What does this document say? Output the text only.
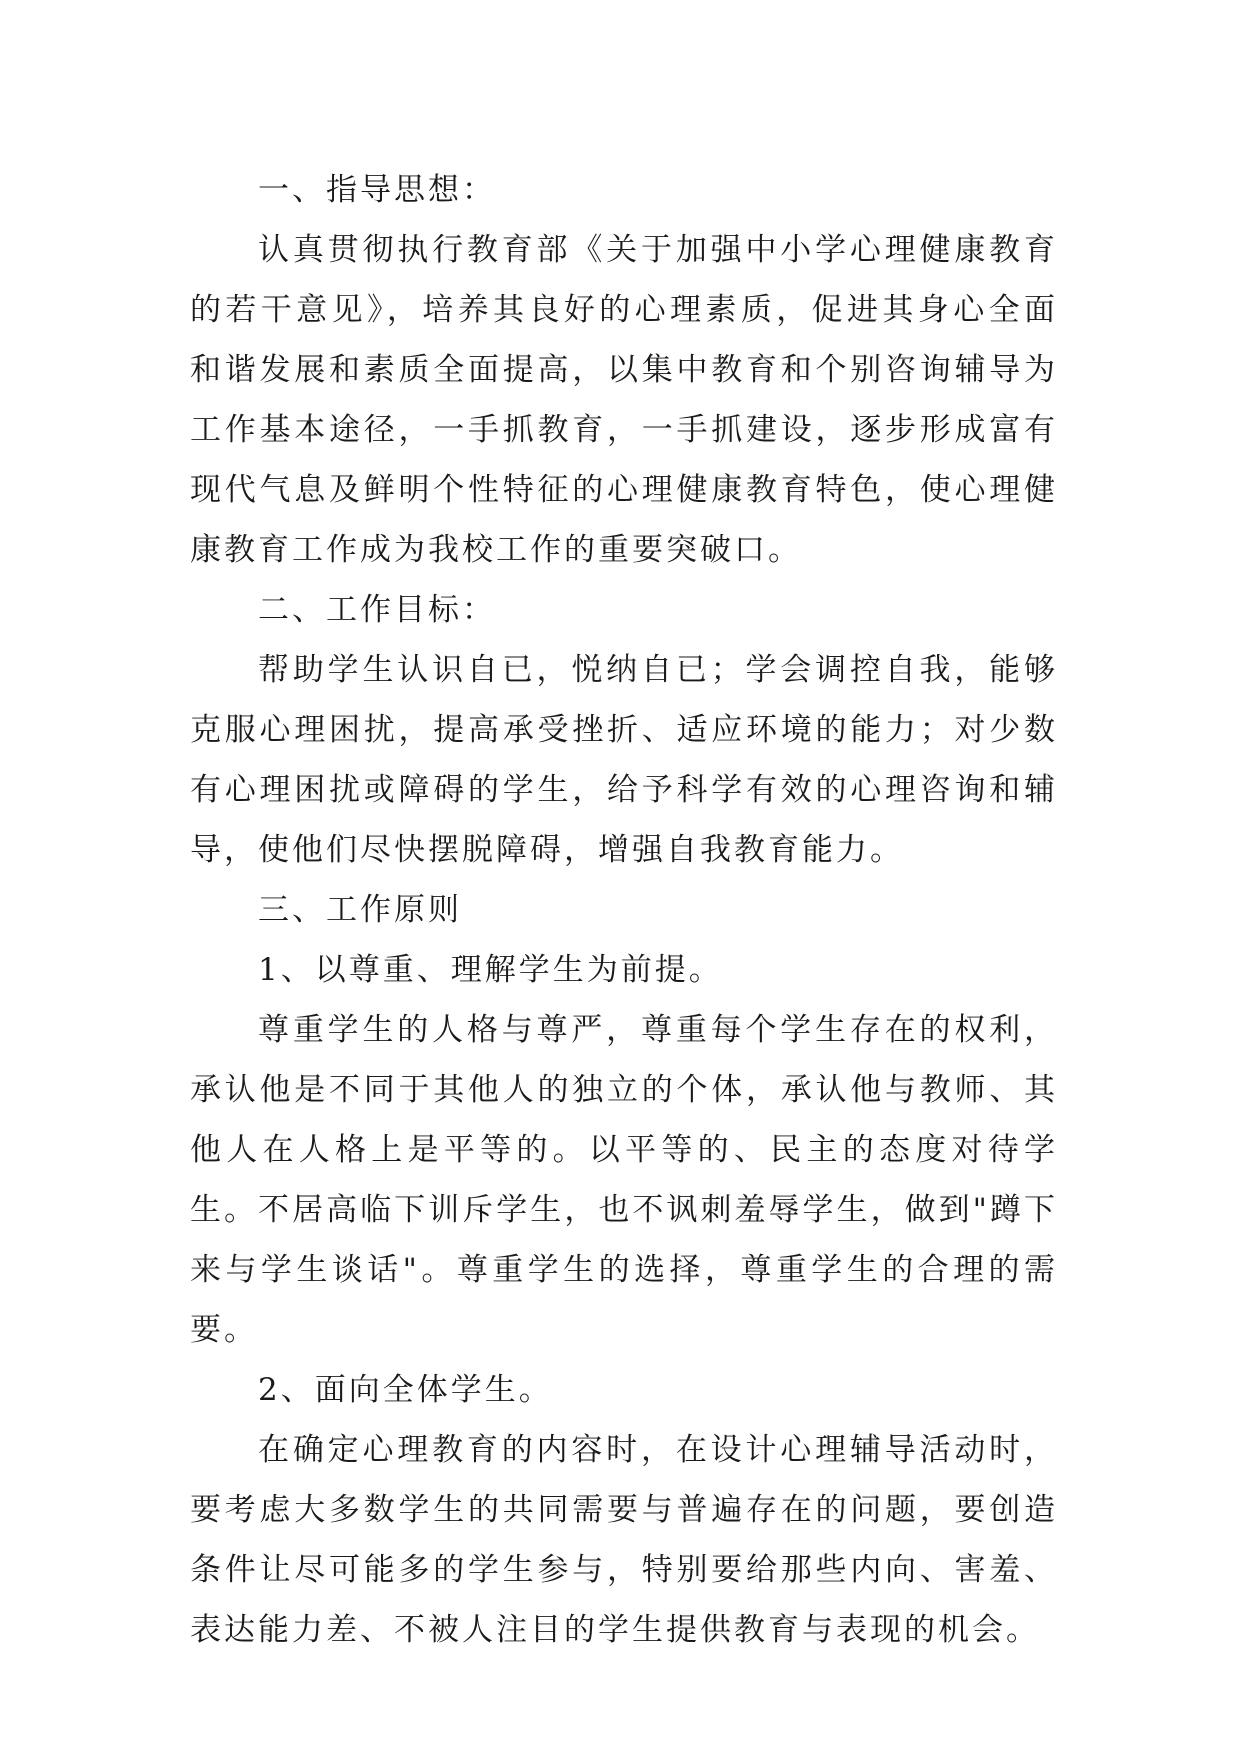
一、指导思想：

认真贯彻执行教育部《关于加强中小学心理健康教育的若干意见》，培养其良好的心理素质，促进其身心全面和谐发展和素质全面提高，以集中教育和个别咨询辅导为工作基本途径，一手抓教育，一手抓建设，逐步形成富有现代气息及鲜明个性特征的心理健康教育特色，使心理健康教育工作成为我校工作的重要突破口。

二、工作目标：

帮助学生认识自已，悦纳自已；学会调控自我，能够克服心理困扰，提高承受挫折、适应环境的能力；对少数有心理困扰或障碍的学生，给予科学有效的心理咨询和辅导，使他们尽快摆脱障碍，增强自我教育能力。

三、工作原则

1、以尊重、理解学生为前提。

尊重学生的人格与尊严，尊重每个学生存在的权利，承认他是不同于其他人的独立的个体，承认他与教师、其他人在人格上是平等的。以平等的、民主的态度对待学生。不居高临下训斥学生，也不讽刺羞辱学生，做到"蹲下来与学生谈话"。尊重学生的选择，尊重学生的合理的需要。

2、面向全体学生。

在确定心理教育的内容时，在设计心理辅导活动时，要考虑大多数学生的共同需要与普遍存在的问题，要创造条件让尽可能多的学生参与，特别要给那些内向、害羞、表达能力差、不被人注目的学生提供教育与表现的机会。
